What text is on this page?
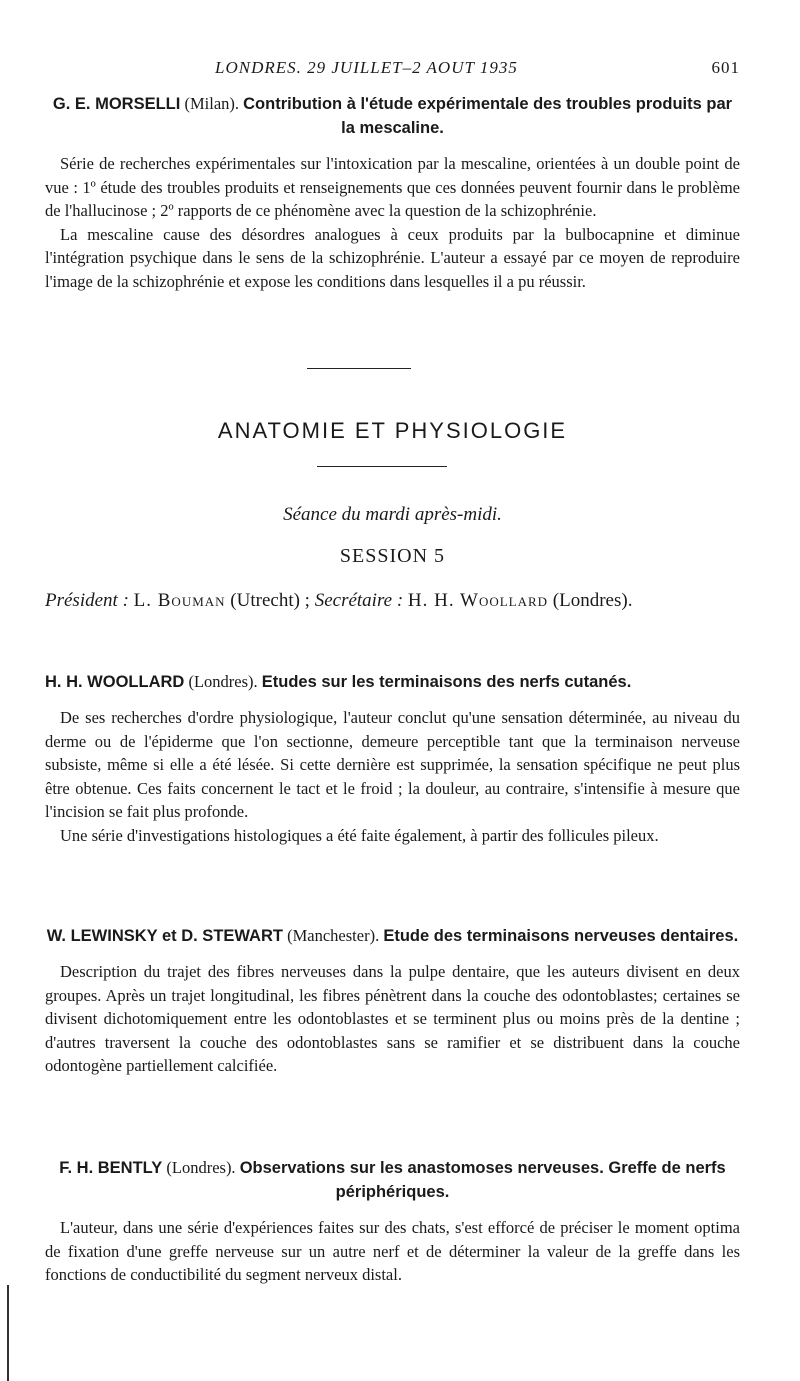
LONDRES. 29 JUILLET–2 AOUT 1935	601

G. E. MORSELLI (Milan). Contribution à l'étude expérimentale des troubles produits par la mescaline.

Série de recherches expérimentales sur l'intoxication par la mescaline, orientées à un double point de vue : 1º étude des troubles produits et renseignements que ces données peuvent fournir dans le problème de l'hallucinose ; 2º rapports de ce phénomène avec la question de la schizophrénie.

La mescaline cause des désordres analogues à ceux produits par la bulbocapnine et diminue l'intégration psychique dans le sens de la schizophrénie. L'auteur a essayé par ce moyen de reproduire l'image de la schizophrénie et expose les conditions dans lesquelles il a pu réussir.

ANATOMIE ET PHYSIOLOGIE
Séance du mardi après-midi.
SESSION 5
Président : L. Bouman (Utrecht) ; Secrétaire : H. H. Woollard (Londres).

H. H. WOOLLARD (Londres). Etudes sur les terminaisons des nerfs cutanés.

De ses recherches d'ordre physiologique, l'auteur conclut qu'une sensation déterminée, au niveau du derme ou de l'épiderme que l'on sectionne, demeure perceptible tant que la terminaison nerveuse subsiste, même si elle a été lésée. Si cette dernière est supprimée, la sensation spécifique ne peut plus être obtenue. Ces faits concernent le tact et le froid ; la douleur, au contraire, s'intensifie à mesure que l'incision se fait plus profonde.

Une série d'investigations histologiques a été faite également, à partir des follicules pileux.

W. LEWINSKY et D. STEWART (Manchester). Etude des terminaisons nerveuses dentaires.

Description du trajet des fibres nerveuses dans la pulpe dentaire, que les auteurs divisent en deux groupes. Après un trajet longitudinal, les fibres pénètrent dans la couche des odontoblastes; certaines se divisent dichotomiquement entre les odontoblastes et se terminent plus ou moins près de la dentine ; d'autres traversent la couche des odontoblastes sans se ramifier et se distribuent dans la couche odontogène partiellement calcifiée.

F. H. BENTLY (Londres). Observations sur les anastomoses nerveuses. Greffe de nerfs périphériques.

L'auteur, dans une série d'expériences faites sur des chats, s'est efforcé de préciser le moment optima de fixation d'une greffe nerveuse sur un autre nerf et de déterminer la valeur de la greffe dans les fonctions de conductibilité du segment nerveux distal.
